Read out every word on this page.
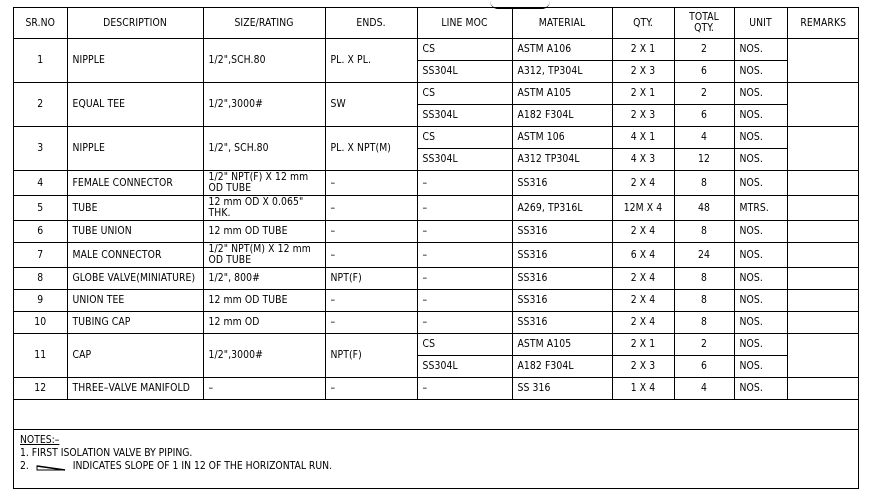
SR.NO	DESCRIPTION	SIZE/RATING	ENDS.	LINE MOC	MATERIAL	QTY.	TOTAL QTY.	UNIT	REMARKS
1	NIPPLE	1/2",SCH.80	PL. X PL.	CS	ASTM A106	2 X 1	2	NOS.	
				SS304L	A312, TP304L	2 X 3	6	NOS.	
2	EQUAL TEE	1/2",3000#	SW	CS	ASTM A105	2 X 1	2	NOS.	
				SS304L	A182 F304L	2 X 3	6	NOS.	
3	NIPPLE	1/2", SCH.80	PL. X NPT(M)	CS	ASTM 106	4 X 1	4	NOS.	
				SS304L	A312 TP304L	4 X 3	12	NOS.	
4	FEMALE CONNECTOR	1/2" NPT(F) X 12 mm OD TUBE	–	–	SS316	2 X 4	8	NOS.	
5	TUBE	12 mm OD X 0.065" THK.	–	–	A269, TP316L	12M X 4	48	MTRS.	
6	TUBE UNION	12 mm OD TUBE	–	–	SS316	2 X 4	8	NOS.	
7	MALE CONNECTOR	1/2" NPT(M) X 12 mm OD TUBE	–	–	SS316	6 X 4	24	NOS.	
8	GLOBE VALVE(MINIATURE)	1/2", 800#	NPT(F)	–	SS316	2 X 4	8	NOS.	
9	UNION TEE	12 mm OD TUBE	–	–	SS316	2 X 4	8	NOS.	
10	TUBING CAP	12 mm OD	–	–	SS316	2 X 4	8	NOS.	
11	CAP	1/2",3000#	NPT(F)	CS	ASTM A105	2 X 1	2	NOS.	
				SS304L	A182 F304L	2 X 3	6	NOS.	
12	THREE–VALVE MANIFOLD	–	–	–	SS 316	1 X 4	4	NOS.	
NOTES:–
1. FIRST ISOLATION VALVE BY PIPING.
2.	INDICATES SLOPE OF 1 IN 12 OF THE HORIZONTAL RUN.
